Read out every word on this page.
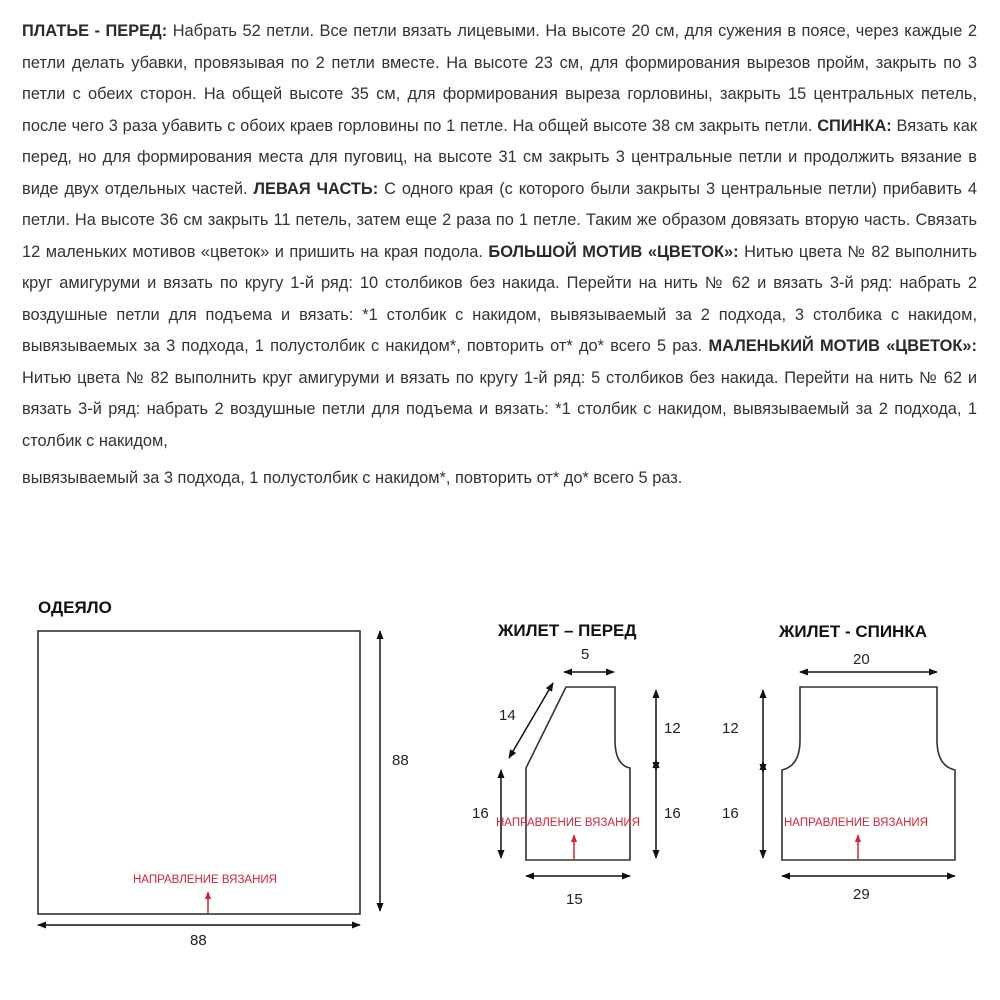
ПЛАТЬЕ - ПЕРЕД: Набрать 52 петли. Все петли вязать лицевыми. На высоте 20 см, для сужения в поясе, через каждые 2 петли делать убавки, провязывая по 2 петли вместе. На высоте 23 см, для формирования вырезов пройм, закрыть по 3 петли с обеих сторон. На общей высоте 35 см, для формирования выреза горловины, закрыть 15 центральных петель, после чего 3 раза убавить с обоих краев горловины по 1 петле. На общей высоте 38 см закрыть петли. СПИНКА: Вязать как перед, но для формирования места для пуговиц, на высоте 31 см закрыть 3 центральные петли и продолжить вязание в виде двух отдельных частей. ЛЕВАЯ ЧАСТЬ: С одного края (с которого были закрыты 3 центральные петли) прибавить 4 петли. На высоте 36 см закрыть 11 петель, затем еще 2 раза по 1 петле. Таким же образом довязать вторую часть. Связать 12 маленьких мотивов «цветок» и пришить на края подола. БОЛЬШОЙ МОТИВ «ЦВЕТОК»: Нитью цвета № 82 выполнить круг амигуруми и вязать по кругу 1-й ряд: 10 столбиков без накида. Перейти на нить № 62 и вязать 3-й ряд: набрать 2 воздушные петли для подъема и вязать: *1 столбик с накидом, вывязываемый за 2 подхода, 3 столбика с накидом, вывязываемых за 3 подхода, 1 полустолбик с накидом*, повторить от* до* всего 5 раз. МАЛЕНЬКИЙ МОТИВ «ЦВЕТОК»: Нитью цвета № 82 выполнить круг амигуруми и вязать по кругу 1-й ряд: 5 столбиков без накида. Перейти на нить № 62 и вязать 3-й ряд: набрать 2 воздушные петли для подъема и вязать: *1 столбик с накидом, вывязываемый за 2 подхода, 1 столбик с накидом,

вывязываемый за 3 подхода, 1 полустолбик с накидом*, повторить от* до* всего 5 раз.

ОДЕЯЛО
88
88
НАПРАВЛЕНИЕ ВЯЗАНИЯ
ЖИЛЕТ – ПЕРЕД
5
14
12
16
16
15
НАПРАВЛЕНИЕ ВЯЗАНИЯ
ЖИЛЕТ - СПИНКА
20
12
16
29
НАПРАВЛЕНИЕ ВЯЗАНИЯ
